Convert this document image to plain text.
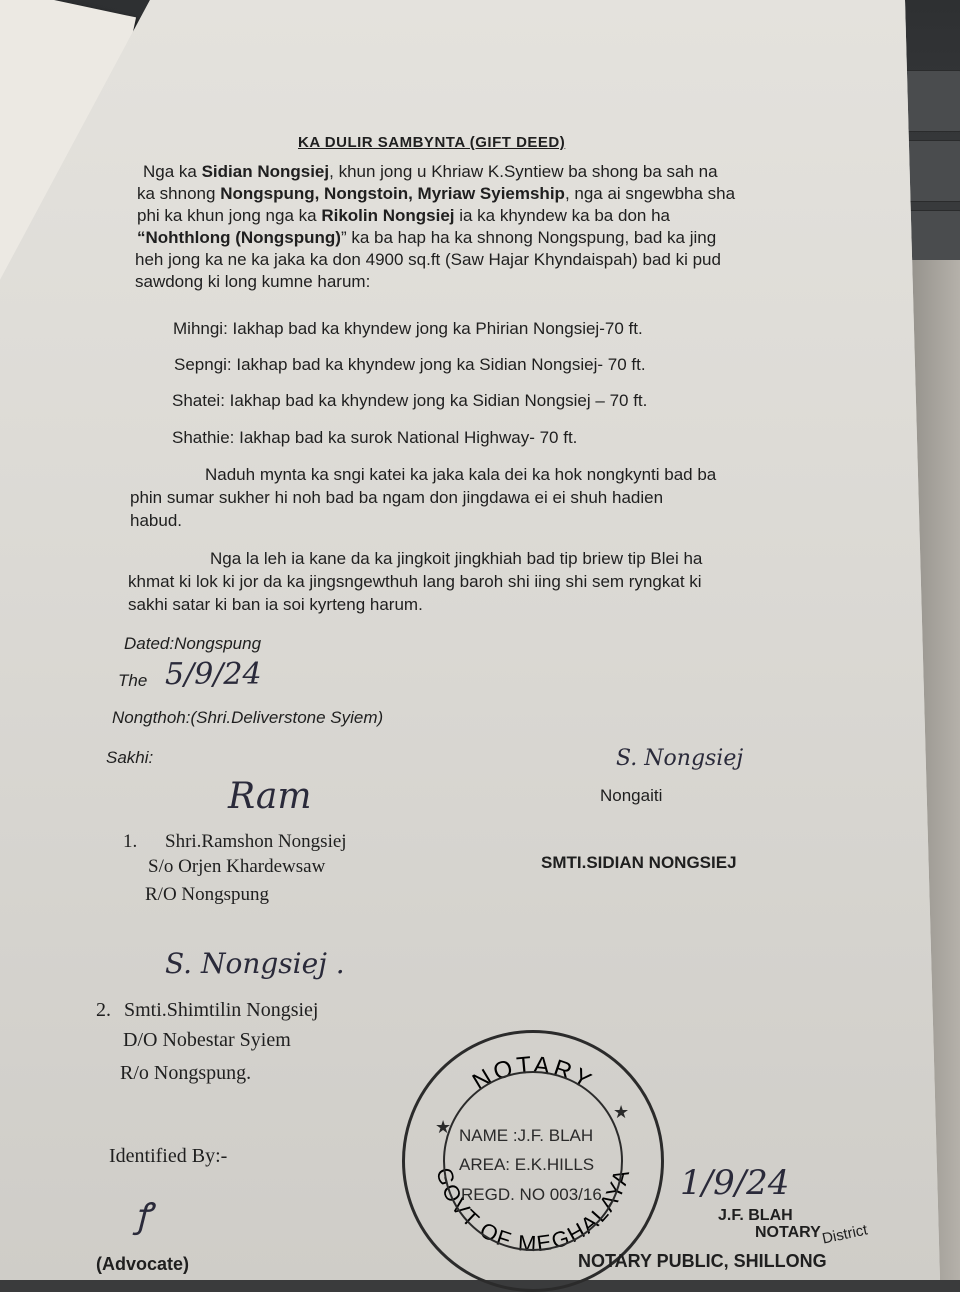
KA DULIR SAMBYNTA (GIFT DEED)
Nga ka Sidian Nongsiej, khun jong u Khriaw K.Syntiew ba shong ba sah na
ka shnong Nongspung, Nongstoin, Myriaw Syiemship, nga ai sngewbha sha
phi ka khun jong nga ka Rikolin Nongsiej ia ka khyndew ka ba don ha
“Nohthlong (Nongspung)” ka ba hap ha ka shnong Nongspung, bad ka jing
heh jong ka ne ka jaka ka don 4900 sq.ft (Saw Hajar Khyndaispah) bad ki pud
sawdong ki long kumne harum:
Mihngi: Iakhap bad ka khyndew jong ka Phirian Nongsiej-70 ft.
Sepngi: Iakhap bad ka khyndew jong ka Sidian Nongsiej- 70 ft.
Shatei: Iakhap bad ka khyndew jong ka Sidian Nongsiej – 70 ft.
Shathie: Iakhap bad ka surok National Highway- 70 ft.
Naduh mynta ka sngi katei ka jaka kala dei ka hok nongkynti bad ba
phin sumar sukher hi noh bad ba ngam don jingdawa ei ei shuh hadien
habud.
Nga la leh ia kane da ka jingkoit jingkhiah bad tip briew tip Blei ha
khmat ki lok ki jor da ka jingsngewthuh lang baroh shi iing shi sem ryngkat ki
sakhi satar ki ban ia soi kyrteng harum.
Dated:Nongspung
The 5/9/24
Nongthoh:(Shri.Deliverstone Syiem)
Sakhi:	S. Nongsiej
Nongaiti
SMTI.SIDIAN NONGSIEJ
Ram
1. Shri.Ramshon Nongsiej
S/o Orjen Khardewsaw
R/O Nongspung
S. Nongsiej .
2. Smti.Shimtilin Nongsiej
D/O Nobestar Syiem
R/o Nongspung.
Identified By:-
ꝭ
(Advocate)
NOTARY
GOVT OF MEGHALAYA
★
★
NAME :J.F. BLAH
AREA: E.K.HILLS
REGD. NO 003/16 1/9/24
J.F. BLAH
NOTARY District
NOTARY PUBLIC, SHILLONG
